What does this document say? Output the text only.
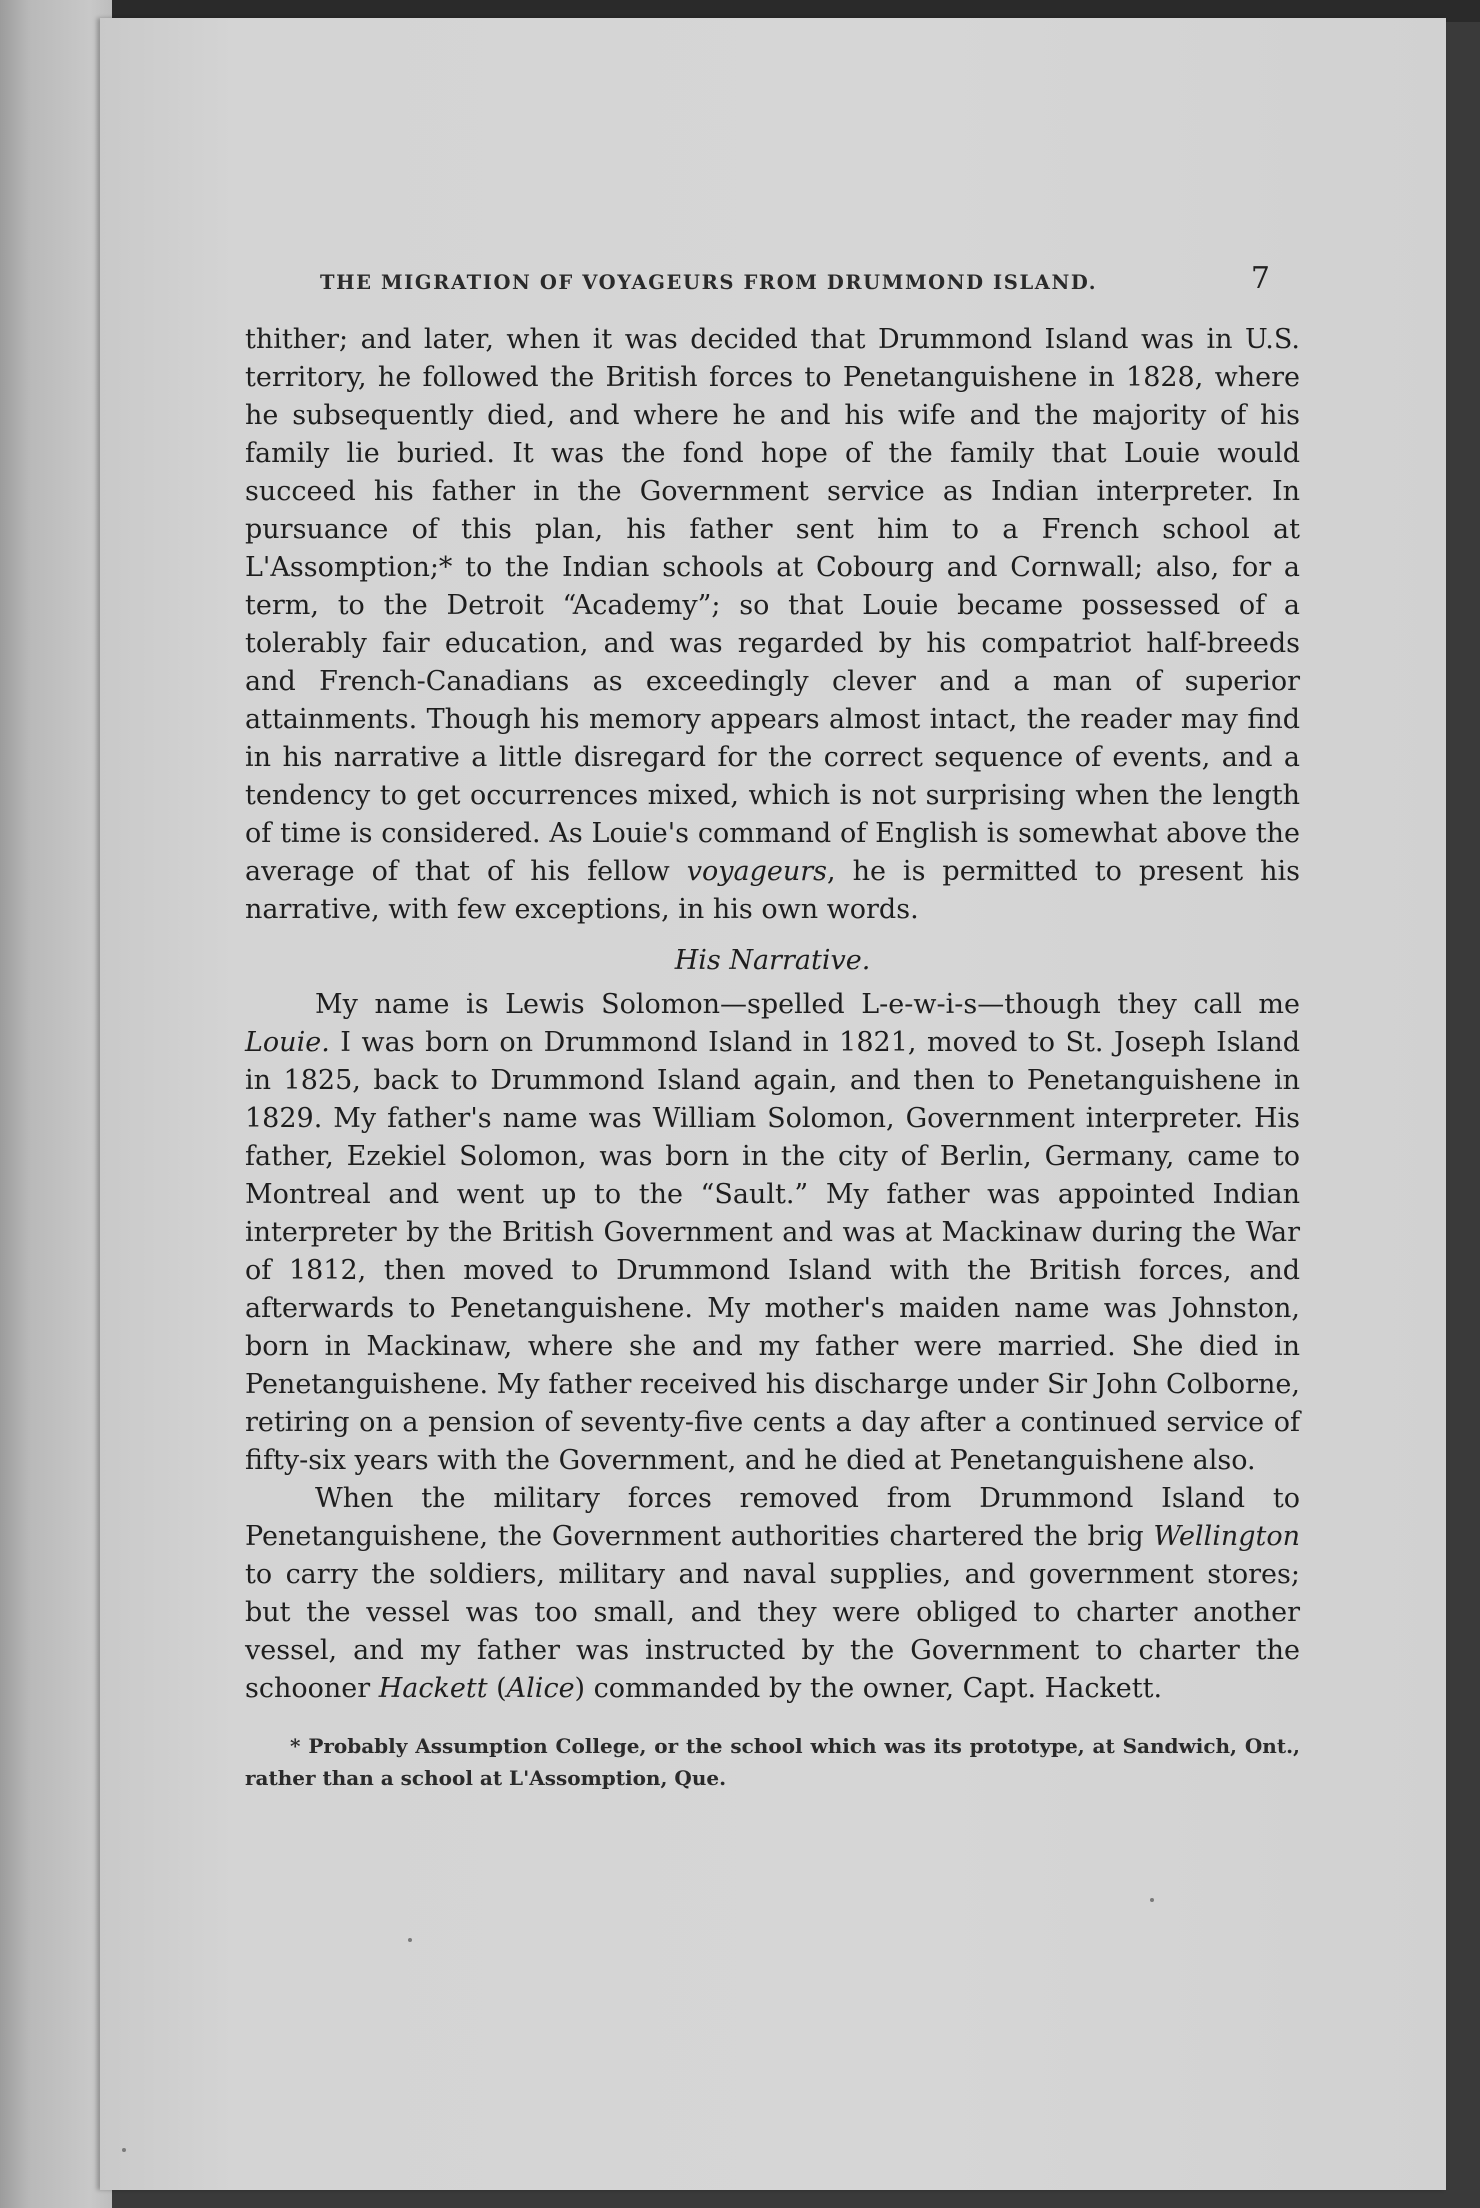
THE MIGRATION OF VOYAGEURS FROM DRUMMOND ISLAND.	7

thither; and later, when it was decided that Drummond Island was in U.S. territory, he followed the British forces to Penetanguishene in 1828, where he subsequently died, and where he and his wife and the majority of his family lie buried. It was the fond hope of the family that Louie would succeed his father in the Government service as Indian interpreter. In pursuance of this plan, his father sent him to a French school at L'Assomption;* to the Indian schools at Cobourg and Cornwall; also, for a term, to the Detroit “Academy”; so that Louie became possessed of a tolerably fair education, and was regarded by his compatriot half-breeds and French-Canadians as exceedingly clever and a man of superior attainments. Though his memory appears almost intact, the reader may find in his narrative a little disregard for the correct sequence of events, and a tendency to get occurrences mixed, which is not surprising when the length of time is considered. As Louie's command of English is somewhat above the average of that of his fellow voyageurs, he is permitted to present his narrative, with few exceptions, in his own words.

His Narrative.

My name is Lewis Solomon—spelled L-e-w-i-s—though they call me Louie. I was born on Drummond Island in 1821, moved to St. Joseph Island in 1825, back to Drummond Island again, and then to Penetanguishene in 1829. My father's name was William Solomon, Government interpreter. His father, Ezekiel Solomon, was born in the city of Berlin, Germany, came to Montreal and went up to the “Sault.” My father was appointed Indian interpreter by the British Government and was at Mackinaw during the War of 1812, then moved to Drummond Island with the British forces, and afterwards to Penetanguishene. My mother's maiden name was Johnston, born in Mackinaw, where she and my father were married. She died in Penetanguishene. My father received his discharge under Sir John Colborne, retiring on a pension of seventy-five cents a day after a continued service of fifty-six years with the Government, and he died at Penetanguishene also.

When the military forces removed from Drummond Island to Penetanguishene, the Government authorities chartered the brig Wellington to carry the soldiers, military and naval supplies, and government stores; but the vessel was too small, and they were obliged to charter another vessel, and my father was instructed by the Government to charter the schooner Hackett (Alice) commanded by the owner, Capt. Hackett.

* Probably Assumption College, or the school which was its prototype, at Sandwich, Ont., rather than a school at L'Assomption, Que.
